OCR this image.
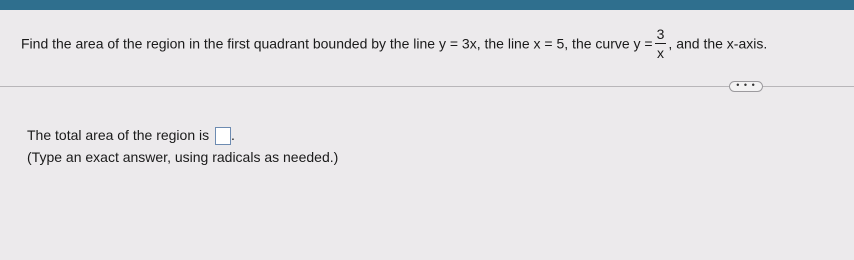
Find the area of the region in the first quadrant bounded by the line y = 3x, the line x = 5, the curve $y = \frac{3}{x}$ , and the x-axis.
• • •
The total area of the region is .
(Type an exact answer, using radicals as needed.)
